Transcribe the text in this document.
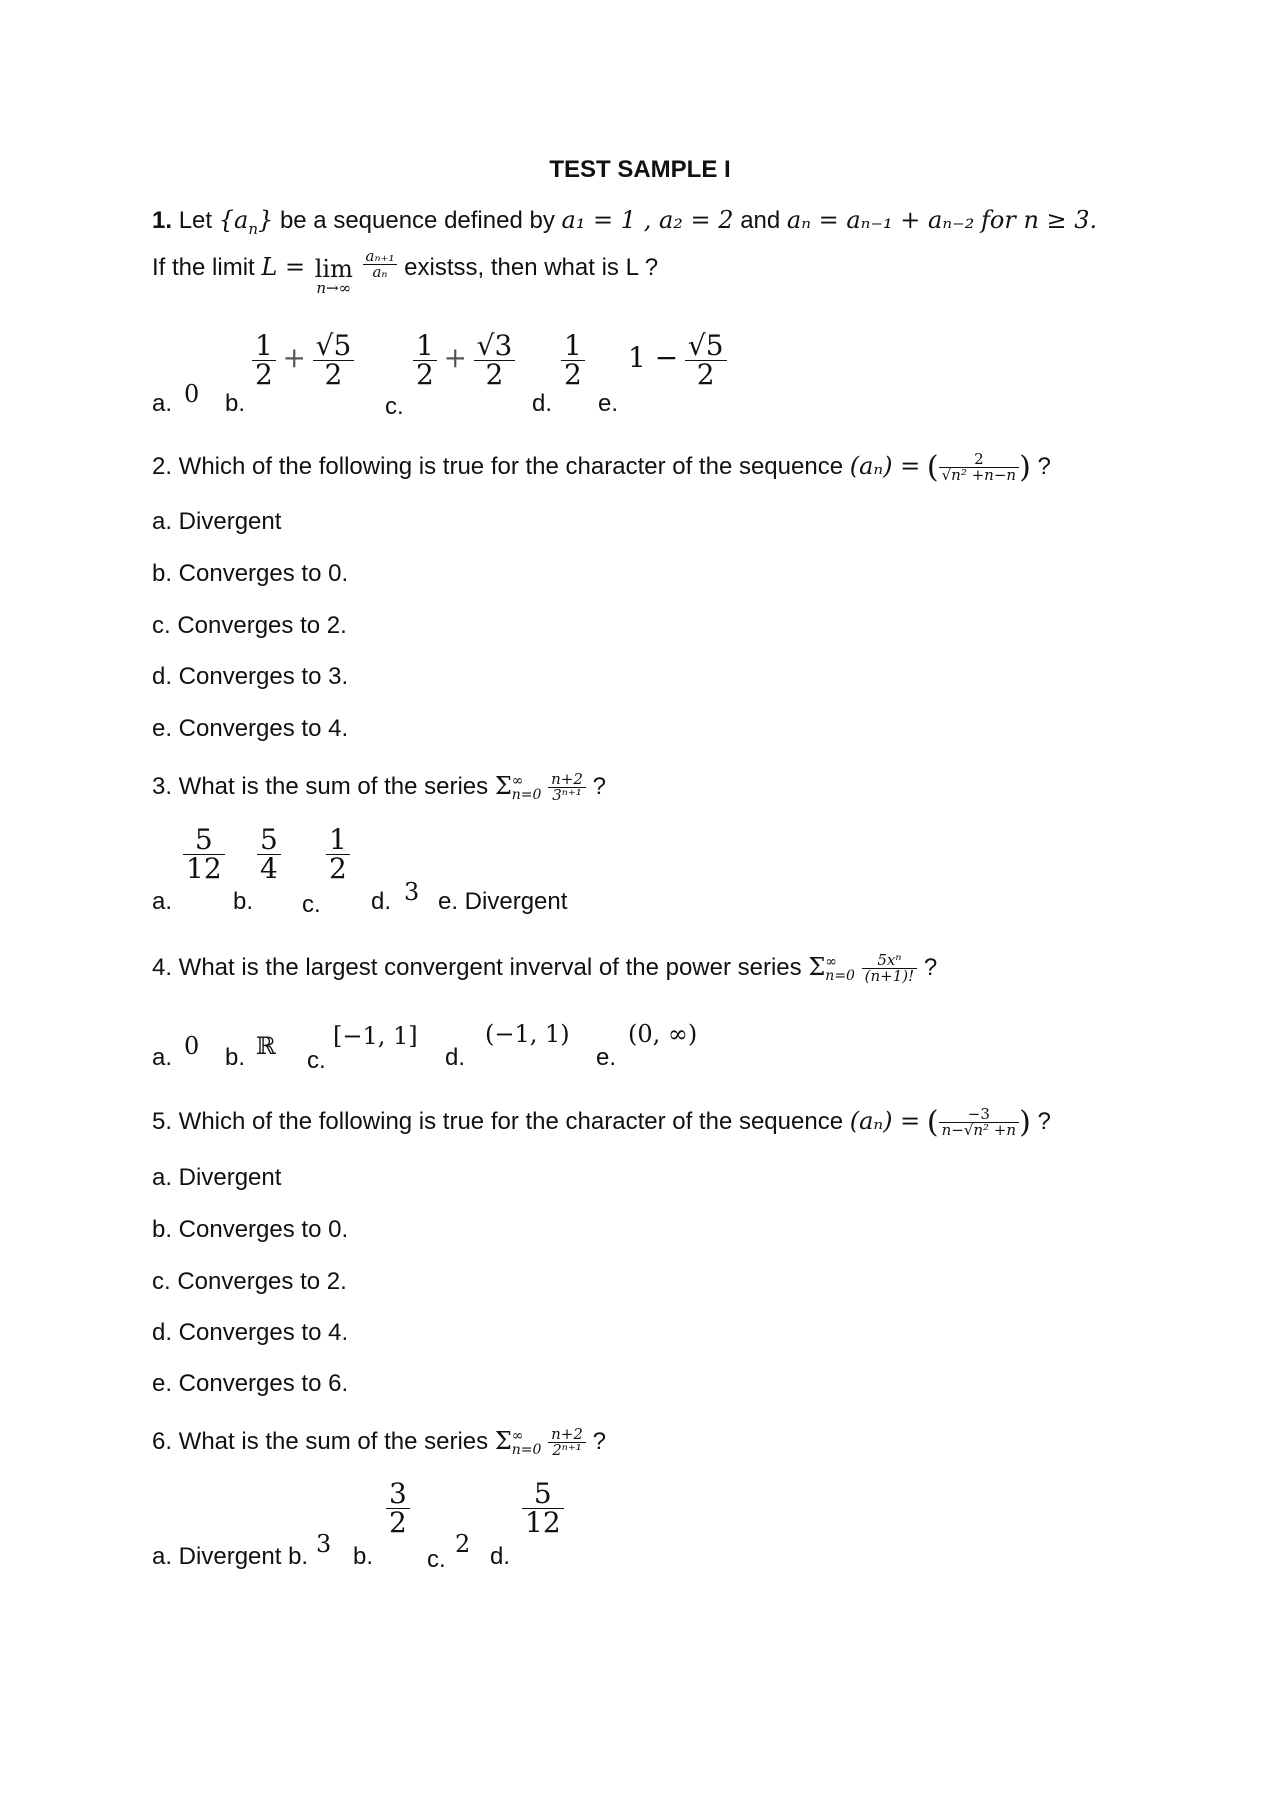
TEST SAMPLE I
1. Let $\{a_n\}$ be a sequence defined by a₁ = 1 , a₂ = 2 and aₙ = aₙ₋₁ + aₙ₋₂ for n ≥ 3.
If the limit L = lim
n→∞

$\frac{\text{aₙ₊₁}}{\text{aₙ}}$ existss, then what is L ?
a. 0 b.
$\frac{1}{2} + \frac{√5}{2}$
c.
$\frac{1}{2} + \frac{√3}{2}$
d.
$\frac{1}{2}$
e.
$1 - \frac{√5}{2}$
2. Which of the following is true for the character of the sequence (aₙ) = ( $\frac{2}{\text{√n² +n−n}}$ ) ?
a. Divergent
b. Converges to 0.
c. Converges to 2.
d. Converges to 3.
e. Converges to 4.
3. What is the sum of the series Σ ∞
n=0
$\frac{n+2}{\text{3ⁿ⁺¹}}$ ?
a.
$\frac{5}{12}$
b.
$\frac{5}{4}$
c.
$\frac{1}{2}$
d. 3 e. Divergent
4. What is the largest convergent inverval of the power series Σ ∞
n=0
$\frac{\text{5xⁿ}}{(n+1)!}$ ?
a. 0 b. ℝ
c.
[−1, 1]
d.
(−1, 1)
e.
(0, ∞)
5. Which of the following is true for the character of the sequence (aₙ) = ( $\frac{-3}{\text{n−√n² +n}}$ ) ?
a. Divergent
b. Converges to 0.
c. Converges to 2.
d. Converges to 4.
e. Converges to 6.
6. What is the sum of the series Σ ∞
n=0
$\frac{n+2}{\text{2ⁿ⁺¹}}$ ?
a. Divergent b. 3 b.
$\frac{3}{2}$
c.
2 d.
$\frac{5}{12}$
